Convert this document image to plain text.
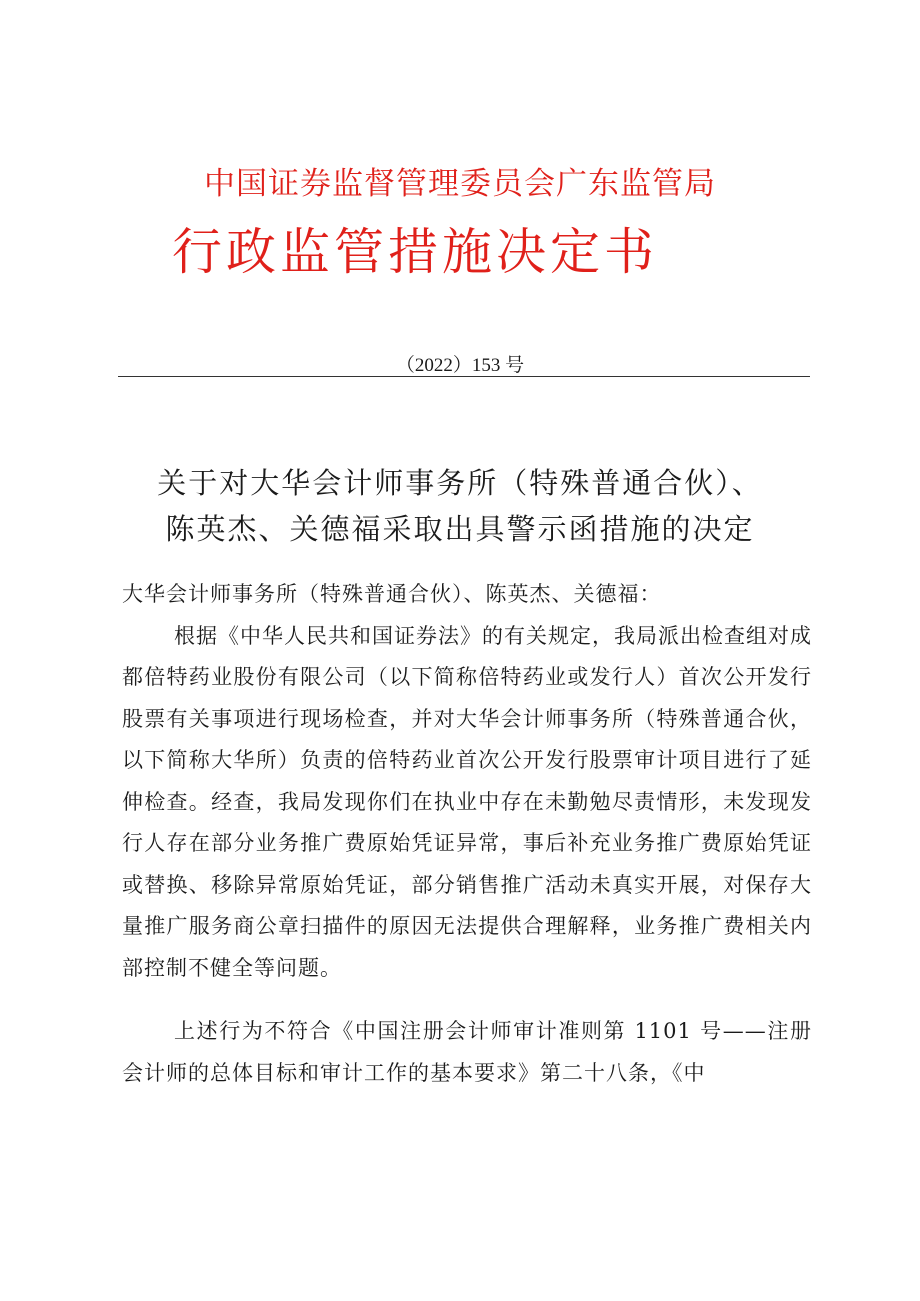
中国证券监督管理委员会广东监管局
行政监管措施决定书
（2022）153 号
关于对大华会计师事务所（特殊普通合伙）、
陈英杰、关德福采取出具警示函措施的决定

大华会计师事务所（特殊普通合伙）、陈英杰、关德福：

根据《中华人民共和国证券法》的有关规定，我局派出检查组对成都倍特药业股份有限公司（以下简称倍特药业或发行人）首次公开发行股票有关事项进行现场检查，并对大华会计师事务所（特殊普通合伙，以下简称大华所）负责的倍特药业首次公开发行股票审计项目进行了延伸检查。经查，我局发现你们在执业中存在未勤勉尽责情形，未发现发行人存在部分业务推广费原始凭证异常，事后补充业务推广费原始凭证或替换、移除异常原始凭证，部分销售推广活动未真实开展，对保存大量推广服务商公章扫描件的原因无法提供合理解释，业务推广费相关内部控制不健全等问题。

上述行为不符合《中国注册会计师审计准则第 1101 号——注册会计师的总体目标和审计工作的基本要求》第二十八条，《中
